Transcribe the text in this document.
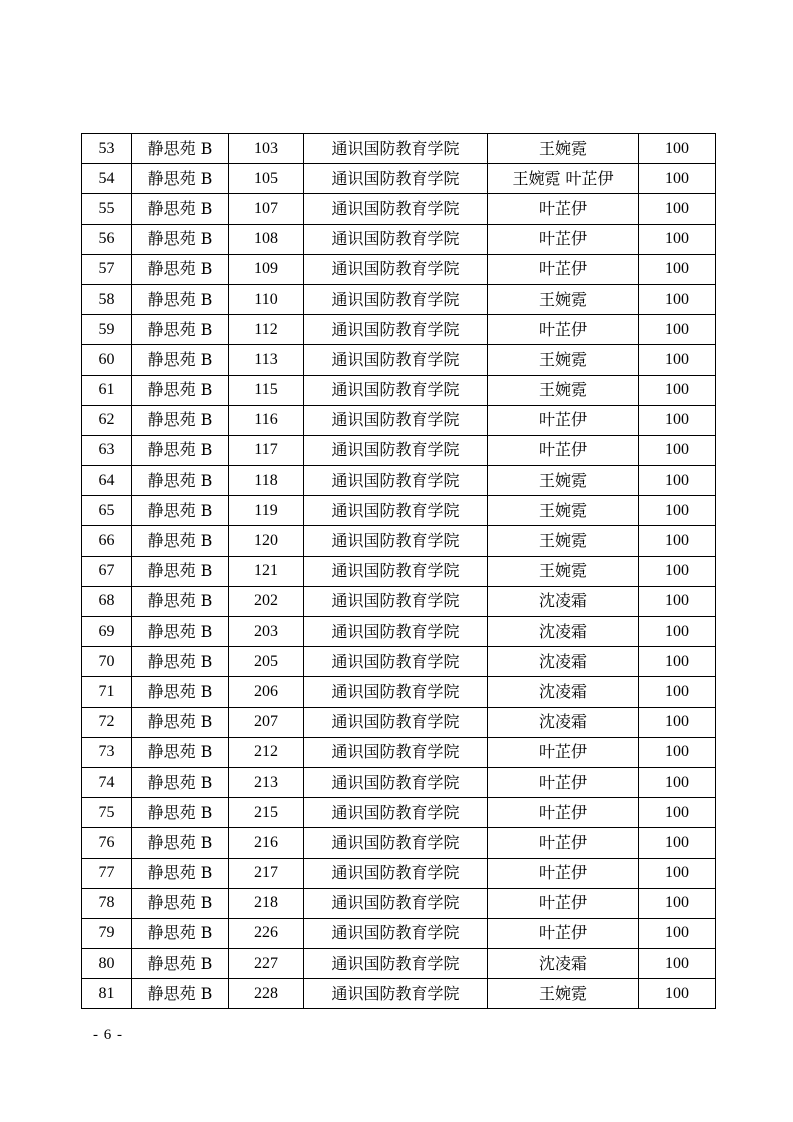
53	静思苑 B	103	通识国防教育学院	王婉霓	100
54	静思苑 B	105	通识国防教育学院	王婉霓 叶芷伊	100
55	静思苑 B	107	通识国防教育学院	叶芷伊	100
56	静思苑 B	108	通识国防教育学院	叶芷伊	100
57	静思苑 B	109	通识国防教育学院	叶芷伊	100
58	静思苑 B	110	通识国防教育学院	王婉霓	100
59	静思苑 B	112	通识国防教育学院	叶芷伊	100
60	静思苑 B	113	通识国防教育学院	王婉霓	100
61	静思苑 B	115	通识国防教育学院	王婉霓	100
62	静思苑 B	116	通识国防教育学院	叶芷伊	100
63	静思苑 B	117	通识国防教育学院	叶芷伊	100
64	静思苑 B	118	通识国防教育学院	王婉霓	100
65	静思苑 B	119	通识国防教育学院	王婉霓	100
66	静思苑 B	120	通识国防教育学院	王婉霓	100
67	静思苑 B	121	通识国防教育学院	王婉霓	100
68	静思苑 B	202	通识国防教育学院	沈凌霜	100
69	静思苑 B	203	通识国防教育学院	沈凌霜	100
70	静思苑 B	205	通识国防教育学院	沈凌霜	100
71	静思苑 B	206	通识国防教育学院	沈凌霜	100
72	静思苑 B	207	通识国防教育学院	沈凌霜	100
73	静思苑 B	212	通识国防教育学院	叶芷伊	100
74	静思苑 B	213	通识国防教育学院	叶芷伊	100
75	静思苑 B	215	通识国防教育学院	叶芷伊	100
76	静思苑 B	216	通识国防教育学院	叶芷伊	100
77	静思苑 B	217	通识国防教育学院	叶芷伊	100
78	静思苑 B	218	通识国防教育学院	叶芷伊	100
79	静思苑 B	226	通识国防教育学院	叶芷伊	100
80	静思苑 B	227	通识国防教育学院	沈凌霜	100
81	静思苑 B	228	通识国防教育学院	王婉霓	100
- 6 -
